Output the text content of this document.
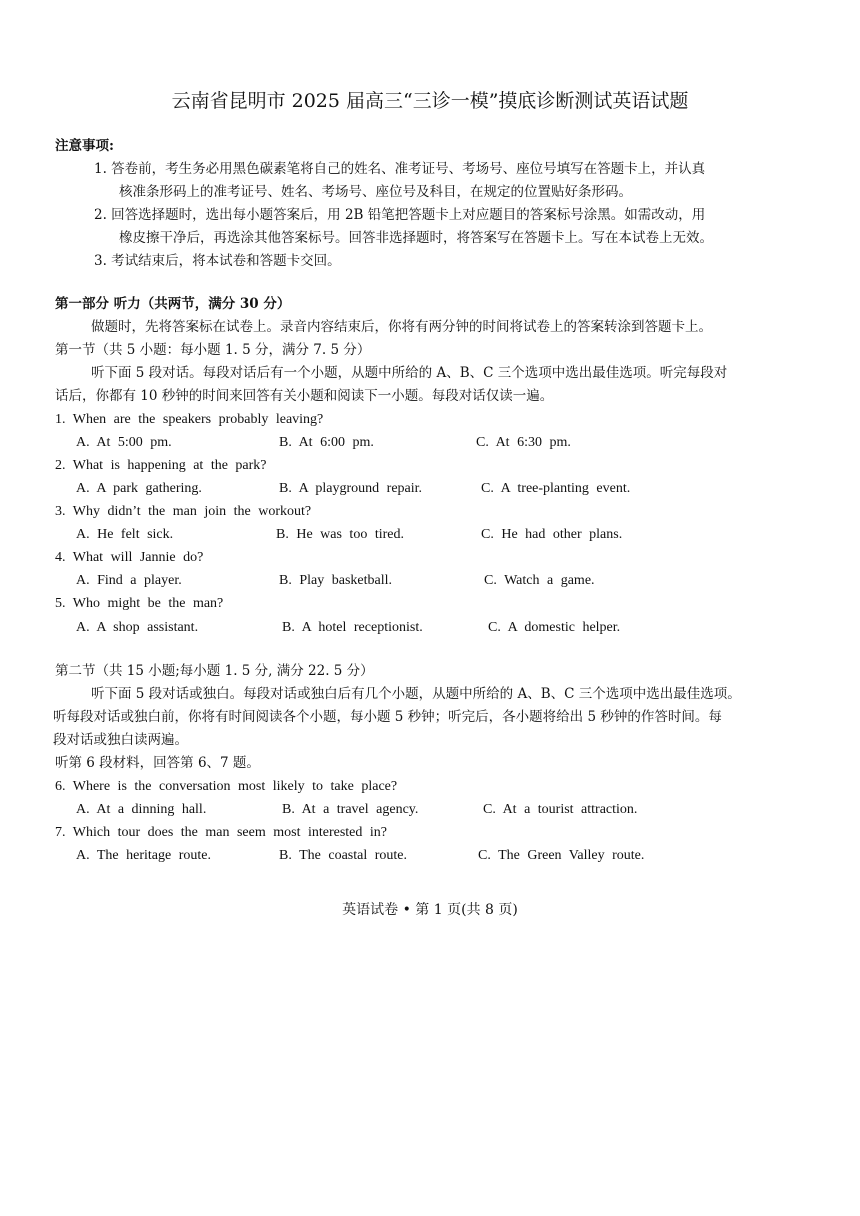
云南省昆明市 2025 届高三“三诊一模”摸底诊断测试英语试题
注意事项:
1. 答卷前，考生务必用黑色碳素笔将自己的姓名、准考证号、考场号、座位号填写在答题卡上，并认真
核准条形码上的准考证号、姓名、考场号、座位号及科目，在规定的位置贴好条形码。
2. 回答选择题时，选出每小题答案后，用 2B 铅笔把答题卡上对应题目的答案标号涂黑。如需改动，用
橡皮擦干净后，再选涂其他答案标号。回答非选择题时，将答案写在答题卡上。写在本试卷上无效。
3. 考试结束后，将本试卷和答题卡交回。
第一部分 听力（共两节，满分 30 分）
做题时，先将答案标在试卷上。录音内容结束后，你将有两分钟的时间将试卷上的答案转涂到答题卡上。
第一节（共 5 小题：每小题 1. 5 分，满分 7. 5 分）
听下面 5 段对话。每段对话后有一个小题，从题中所给的 A、B、C 三个选项中选出最佳选项。听完每段对
话后，你都有 10 秒钟的时间来回答有关小题和阅读下一小题。每段对话仅读一遍。
1. When are the speakers probably leaving?
A. At 5:00 pm.	B. At 6:00 pm.	C. At 6:30 pm.
2. What is happening at the park?
A. A park gathering.	B. A playground repair.	C. A tree-planting event.
3. Why didn’t the man join the workout?
A. He felt sick.	B. He was too tired.	C. He had other plans.
4. What will Jannie do?
A. Find a player.	B. Play basketball.	C. Watch a game.
5. Who might be the man?
A. A shop assistant.	B. A hotel receptionist.	C. A domestic helper.
第二节（共 15 小题;每小题 1. 5 分, 满分 22. 5 分）
听下面 5 段对话或独白。每段对话或独白后有几个小题，从题中所给的 A、B、C 三个选项中选出最佳选项。
听每段对话或独白前，你将有时间阅读各个小题，每小题 5 秒钟；听完后，各小题将给出 5 秒钟的作答时间。每
段对话或独白读两遍。
听第 6 段材料，回答第 6、7 题。
6. Where is the conversation most likely to take place?
A. At a dinning hall.	B. At a travel agency.	C. At a tourist attraction.
7. Which tour does the man seem most interested in?
A. The heritage route.	B. The coastal route.	C. The Green Valley route.
英语试卷 • 第 1 页(共 8 页)
